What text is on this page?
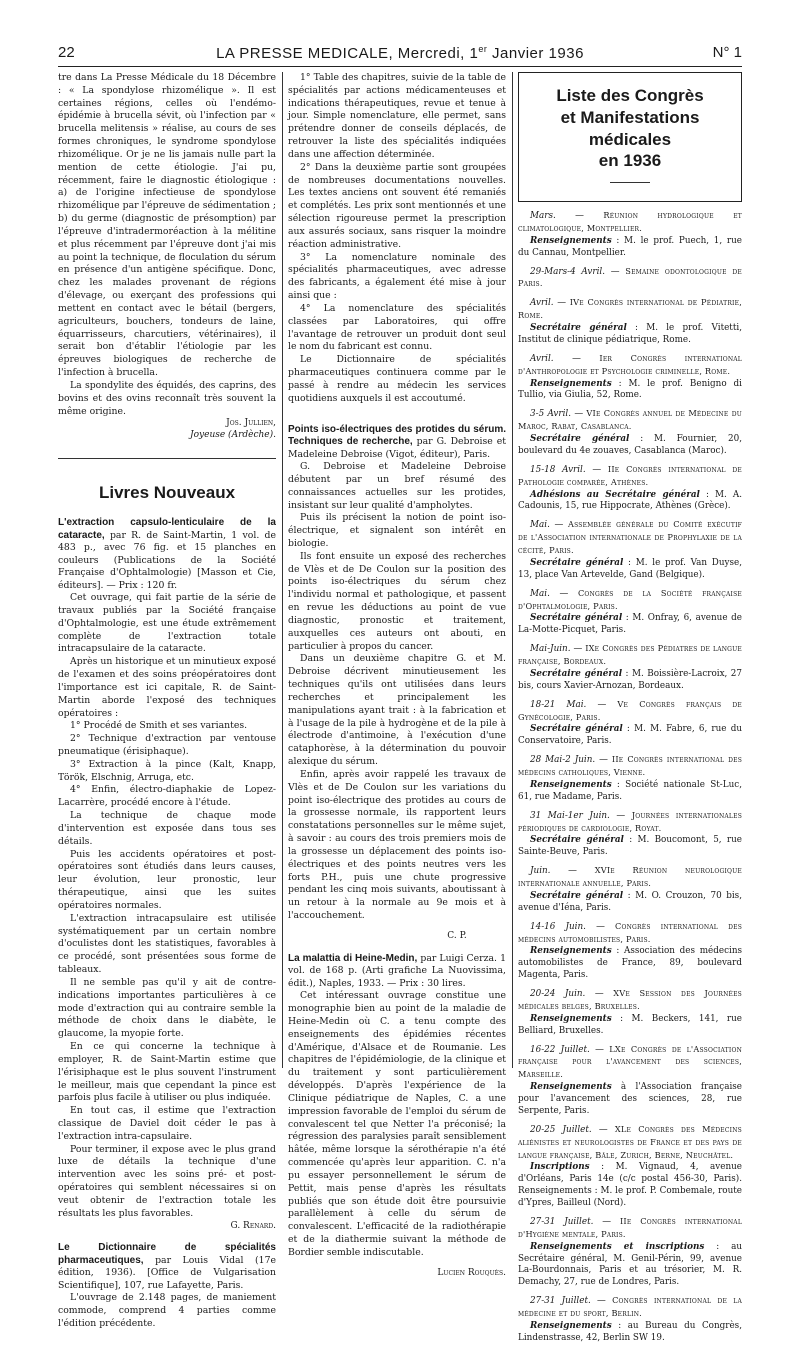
22	LA PRESSE MEDICALE, Mercredi, 1er Janvier 1936	N° 1

tre dans La Presse Médicale du 18 Décembre : « La spondylose rhizomélique ». Il est certaines régions, celles où l'endémo-épidémie à brucella sévit, où l'infection par « brucella melitensis » réalise, au cours de ses formes chroniques, le syndrome spondylose rhizomélique. Or je ne lis jamais nulle part la mention de cette étiologie. J'ai pu, récemment, faire le diagnostic étiologique : a) de l'origine infectieuse de spondylose rhizomélique par l'épreuve de sédimentation ; b) du germe (diagnostic de présomption) par l'épreuve d'intradermoréaction à la mélitine et plus récemment par l'épreuve dont j'ai mis au point la technique, de floculation du sérum en présence d'un antigène spécifique. Donc, chez les malades provenant de régions d'élevage, ou exerçant des professions qui mettent en contact avec le bétail (bergers, agriculteurs, bouchers, tondeurs de laine, équarrisseurs, charcutiers, vétérinaires), il serait bon d'établir l'étiologie par les épreuves biologiques de recherche de l'infection à brucella.

La spondylite des équidés, des caprins, des bovins et des ovins reconnaît très souvent la même origine.

Jos. Jullien,
Joyeuse (Ardèche).
Livres Nouveaux
L'extraction capsulo-lenticulaire de la cataracte, par R. de Saint-Martin, 1 vol. de 483 p., avec 76 fig. et 15 planches en couleurs (Publications de la Société Française d'Ophtalmologie) [Masson et Cie, éditeurs]. — Prix : 120 fr.

Cet ouvrage, qui fait partie de la série de travaux publiés par la Société française d'Ophtalmologie, est une étude extrêmement complète de l'extraction totale intracapsulaire de la cataracte.

Après un historique et un minutieux exposé de l'examen et des soins préopératoires dont l'importance est ici capitale, R. de Saint-Martin aborde l'exposé des techniques opératoires :

1° Procédé de Smith et ses variantes.

2° Technique d'extraction par ventouse pneumatique (érisiphaque).

3° Extraction à la pince (Kalt, Knapp, Török, Elschnig, Arruga, etc.

4° Enfin, électro-diaphakie de Lopez-Lacarrère, procédé encore à l'étude.

La technique de chaque mode d'intervention est exposée dans tous ses détails.

Puis les accidents opératoires et post-opératoires sont étudiés dans leurs causes, leur évolution, leur pronostic, leur thérapeutique, ainsi que les suites opératoires normales.

L'extraction intracapsulaire est utilisée systématiquement par un certain nombre d'oculistes dont les statistiques, favorables à ce procédé, sont présentées sous forme de tableaux.

Il ne semble pas qu'il y ait de contre-indications importantes particulières à ce mode d'extraction qui au contraire semble la méthode de choix dans le diabète, le glaucome, la myopie forte.

En ce qui concerne la technique à employer, R. de Saint-Martin estime que l'érisiphaque est le plus souvent l'instrument le meilleur, mais que cependant la pince est parfois plus facile à utiliser ou plus indiquée.

En tout cas, il estime que l'extraction classique de Daviel doit céder le pas à l'extraction intra-capsulaire.

Pour terminer, il expose avec le plus grand luxe de détails la technique d'une intervention avec les soins pré- et post-opératoires qui semblent nécessaires si on veut obtenir de l'extraction totale les résultats les plus favorables.

G. Renard.
Le Dictionnaire de spécialités pharmaceutiques, par Louis Vidal (17e édition, 1936). [Office de Vulgarisation Scientifique], 107, rue Lafayette, Paris.

L'ouvrage de 2.148 pages, de maniement commode, comprend 4 parties comme l'édition précédente.

1° Table des chapitres, suivie de la table de spécialités par actions médicamenteuses et indications thérapeutiques, revue et tenue à jour. Simple nomenclature, elle permet, sans prétendre donner de conseils déplacés, de retrouver la liste des spécialités indiquées dans une affection déterminée.

2° Dans la deuxième partie sont groupées de nombreuses documentations nouvelles. Les textes anciens ont souvent été remaniés et complétés. Les prix sont mentionnés et une sélection rigoureuse permet la prescription aux assurés sociaux, sans risquer la moindre réaction administrative.

3° La nomenclature nominale des spécialités pharmaceutiques, avec adresse des fabricants, a également été mise à jour ainsi que :

4° La nomenclature des spécialités classées par Laboratoires, qui offre l'avantage de retrouver un produit dont seul le nom du fabricant est connu.

Le Dictionnaire de spécialités pharmaceutiques continuera comme par le passé à rendre au médecin les services quotidiens auxquels il est accoutumé.

Points iso-électriques des protides du sérum. Techniques de recherche, par G. Debroise et Madeleine Debroise (Vigot, éditeur), Paris.

G. Debroise et Madeleine Debroise débutent par un bref résumé des connaissances actuelles sur les protides, insistant sur leur qualité d'ampholytes.

Puis ils précisent la notion de point iso-électrique, et signalent son intérêt en biologie.

Ils font ensuite un exposé des recherches de Vlès et de De Coulon sur la position des points iso-électriques du sérum chez l'individu normal et pathologique, et passent en revue les déductions au point de vue diagnostic, pronostic et traitement, auxquelles ces auteurs ont abouti, en particulier à propos du cancer.

Dans un deuxième chapitre G. et M. Debroise décrivent minutieusement les techniques qu'ils ont utilisées dans leurs recherches et principalement les manipulations ayant trait : à la fabrication et à l'usage de la pile à hydrogène et de la pile à électrode d'antimoine, à l'exécution d'une cataphorèse, à la détermination du pouvoir alexique du sérum.

Enfin, après avoir rappelé les travaux de Vlès et de De Coulon sur les variations du point iso-électrique des protides au cours de la grossesse normale, ils rapportent leurs constatations personnelles sur le même sujet, à savoir : au cours des trois premiers mois de la grossesse un déplacement des points iso-électriques et des points neutres vers les forts P.H., puis une chute progressive pendant les cinq mois suivants, aboutissant à un retour à la normale au 9e mois et à l'accouchement.

C. P.
La malattia di Heine-Medin, par Luigi Cerza. 1 vol. de 168 p. (Arti grafiche La Nuovissima, édit.), Naples, 1933. — Prix : 30 lires.

Cet intéressant ouvrage constitue une monographie bien au point de la maladie de Heine-Medin où C. a tenu compte des enseignements des épidémies récentes d'Amérique, d'Alsace et de Roumanie. Les chapitres de l'épidémiologie, de la clinique et du traitement y sont particulièrement développés. D'après l'expérience de la Clinique pédiatrique de Naples, C. a une impression favorable de l'emploi du sérum de convalescent tel que Netter l'a préconisé; la régression des paralysies paraît sensiblement hâtée, même lorsque la sérothérapie n'a été commencée qu'après leur apparition. C. n'a pu essayer personnellement le sérum de Pettit, mais pense d'après les résultats publiés que son étude doit être poursuivie parallèlement à celle du sérum de convalescent. L'efficacité de la radiothérapie et de la diathermie suivant la méthode de Bordier semble indiscutable.

Lucien Rouquès.
Liste des Congrès
et Manifestations médicales
en 1936

Mars. — Réunion hydrologique et climatologique, Montpellier.
Renseignements : M. le prof. Puech, 1, rue du Cannau, Montpellier.

29-Mars-4 Avril. — Semaine odontologique de Paris.

Avril. — IVe Congrès international de Pédiatrie, Rome.
Secrétaire général : M. le prof. Vitetti, Institut de clinique pédiatrique, Rome.

Avril. — Ier Congrès international d'Anthropologie et Psychologie criminelle, Rome.
Renseignements : M. le prof. Benigno di Tullio, via Giulia, 52, Rome.

3-5 Avril. — VIe Congrès annuel de Médecine du Maroc, Rabat, Casablanca.
Secrétaire général : M. Fournier, 20, boulevard du 4e zouaves, Casablanca (Maroc).

15-18 Avril. — IIe Congrès international de Pathologie comparée, Athènes.
Adhésions au Secrétaire général : M. A. Cadounis, 15, rue Hippocrate, Athènes (Grèce).

Mai. — Assemblée générale du Comité exécutif de l'Association internationale de Prophylaxie de la cécité, Paris.
Secrétaire général : M. le prof. Van Duyse, 13, place Van Artevelde, Gand (Belgique).

Mai. — Congrès de la Société française d'Ophtalmologie, Paris.
Secrétaire général : M. Onfray, 6, avenue de La-Motte-Picquet, Paris.

Mai-Juin. — IXe Congrès des Pédiatres de langue française, Bordeaux.
Secrétaire général : M. Boissière-Lacroix, 27 bis, cours Xavier-Arnozan, Bordeaux.

18-21 Mai. — Ve Congrès français de Gynécologie, Paris.
Secrétaire général : M. M. Fabre, 6, rue du Conservatoire, Paris.

28 Mai-2 Juin. — IIe Congrès international des médecins catholiques, Vienne.
Renseignements : Société nationale St-Luc, 61, rue Madame, Paris.

31 Mai-1er Juin. — Journées internationales périodiques de cardiologie, Royat.
Secrétaire général : M. Boucomont, 5, rue Sainte-Beuve, Paris.

Juin. — XVIe Réunion neurologique internationale annuelle, Paris.
Secrétaire général : M. O. Crouzon, 70 bis, avenue d'Iéna, Paris.

14-16 Juin. — Congrès international des médecins automobilistes, Paris.
Renseignements : Association des médecins automobilistes de France, 89, boulevard Magenta, Paris.

20-24 Juin. — XVe Session des Journées médicales belges, Bruxelles.
Renseignements : M. Beckers, 141, rue Belliard, Bruxelles.

16-22 Juillet. — LXe Congrès de l'Association française pour l'avancement des sciences, Marseille.
Renseignements à l'Association française pour l'avancement des sciences, 28, rue Serpente, Paris.

20-25 Juillet. — XLe Congrès des Médecins aliénistes et neurologistes de France et des pays de langue française, Bâle, Zurich, Berne, Neuchâtel.
Inscriptions : M. Vignaud, 4, avenue d'Orléans, Paris 14e (c/c postal 456-30, Paris). Renseignements : M. le prof. P. Combemale, route d'Ypres, Bailleul (Nord).

27-31 Juillet. — IIe Congrès international d'Hygiène mentale, Paris.
Renseignements et inscriptions : au Secrétaire général, M. Genil-Périn, 99, avenue La-Bourdonnais, Paris et au trésorier, M. R. Demachy, 27, rue de Londres, Paris.

27-31 Juillet. — Congrès international de la médecine et du sport, Berlin.
Renseignements : au Bureau du Congrès, Lindenstrasse, 42, Berlin SW 19.
